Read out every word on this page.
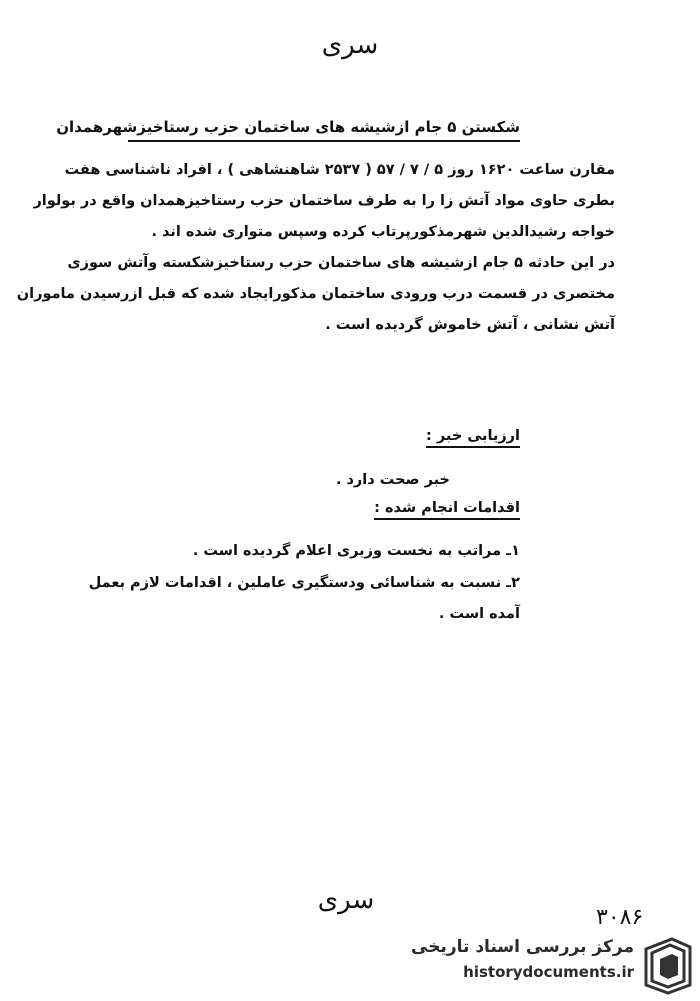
سری
شکستن ۵ جام ازشیشه های ساختمان حزب رستاخیزشهرهمدان
مقارن ساعت ۱۶۲۰ روز ۵ / ۷ / ۵۷ ( ۲۵۳۷ شاهنشاهی ) ، افراد ناشناسی هفت
بطری حاوی مواد آتش زا را به طرف ساختمان حزب رستاخیزهمدان واقع در بولوار
خواجه رشیدالدین شهرمذکورپرتاب کرده وسپس متواری شده اند .
در این حادثه ۵ جام ازشیشه های ساختمان حزب رستاخیزشکسته وآتش سوزی
مختصری در قسمت درب ورودی ساختمان مذکورایجاد شده که قبل ازرسیدن ماموران
آتش نشانی ، آتش خاموش گردیده است .
ارزیابی خبر :
خبر صحت دارد .
اقدامات انجام شده :
۱ـ مراتب به نخست وزیری اعلام گردیده است .
۲ـ نسبت به شناسائی ودستگیری عاملین ، اقدامات لازم بعمل
آمده است .
سری
۳۰۸۶
مرکز بررسی اسناد تاریخی
historydocuments.ir
